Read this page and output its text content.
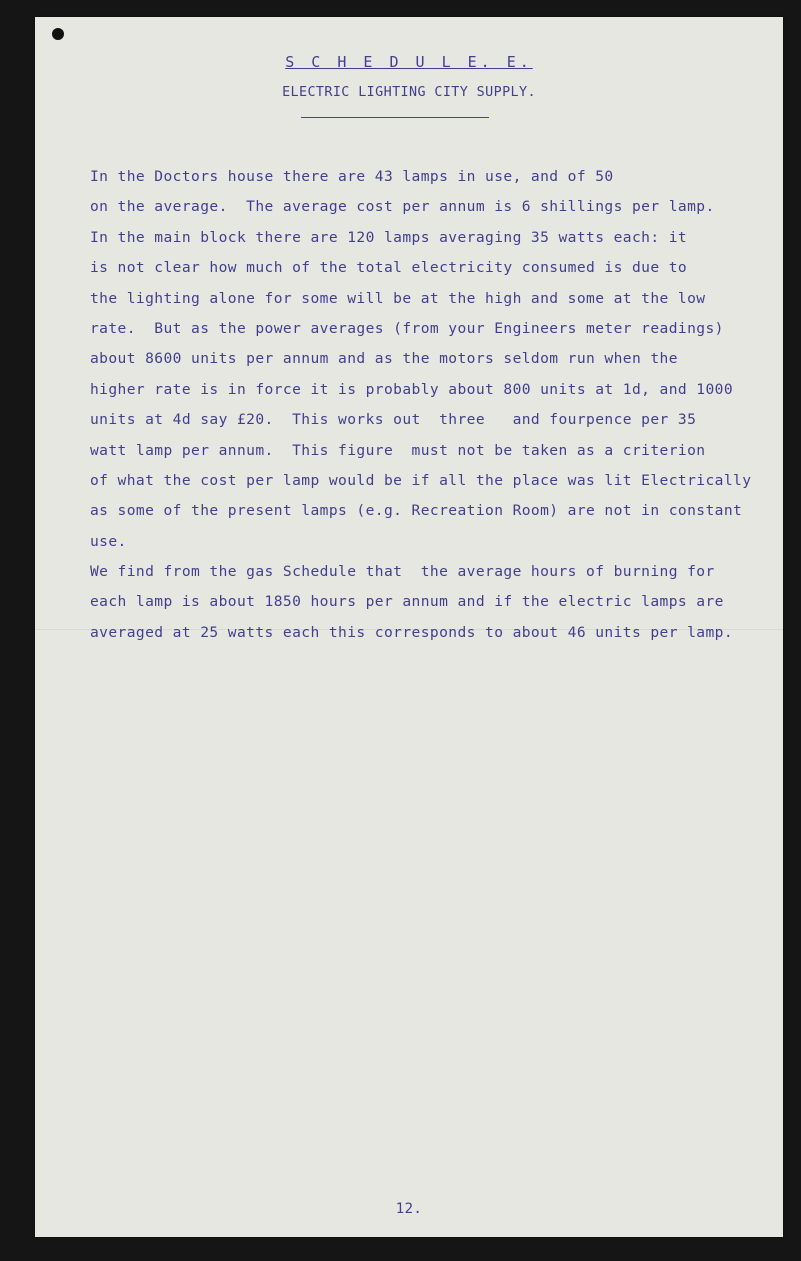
S C H E D U L E. E.
ELECTRIC LIGHTING CITY SUPPLY.
In the Doctors house there are 43 lamps in use, and of 50
on the average.  The average cost per annum is 6 shillings per lamp.
In the main block there are 120 lamps averaging 35 watts each: it
is not clear how much of the total electricity consumed is due to
the lighting alone for some will be at the high and some at the low
rate.  But as the power averages (from your Engineers meter readings)
about 8600 units per annum and as the motors seldom run when the
higher rate is in force it is probably about 800 units at 1d, and 1000
units at 4d say £20.  This works out  three   and fourpence per 35
watt lamp per annum.  This figure  must not be taken as a criterion
of what the cost per lamp would be if all the place was lit Electrically
as some of the present lamps (e.g. Recreation Room) are not in constant
use.
We find from the gas Schedule that  the average hours of burning for
each lamp is about 1850 hours per annum and if the electric lamps are
averaged at 25 watts each this corresponds to about 46 units per lamp.
12.
